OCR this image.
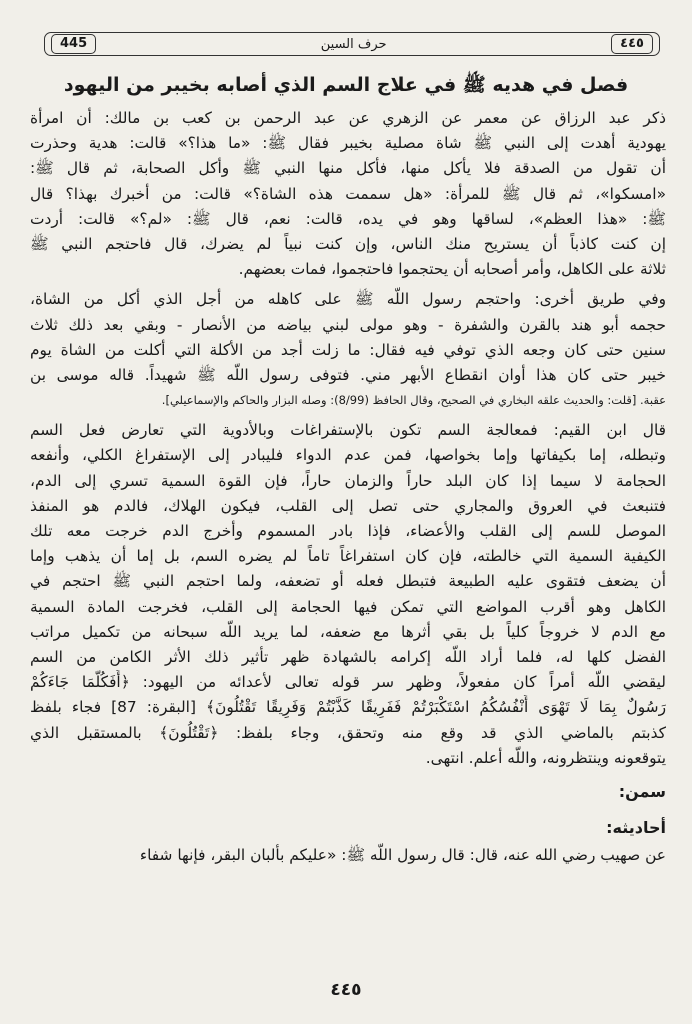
445	حرف السين	٤٤٥
فصل في هديه ﷺ في علاج السم الذي أصابه بخيبر من اليهود
ذكر عبد الرزاق عن معمر عن الزهري عن عبد الرحمن بن كعب بن مالك: أن امرأة
يهودية أهدت إلى النبي ﷺ شاة مصلية بخيبر فقال ﷺ: «ما هذا؟» قالت: هدية وحذرت
أن تقول من الصدقة فلا يأكل منها، فأكل منها النبي ﷺ وأكل الصحابة، ثم قال ﷺ:
«امسكوا»، ثم قال ﷺ للمرأة: «هل سممت هذه الشاة؟» قالت: من أخبرك بهذا؟ قال
ﷺ: «هذا العظم»، لساقها وهو في يده، قالت: نعم، قال ﷺ: «لم؟» قالت: أردت
إن كنت كاذباً أن يستريح منك الناس، وإن كنت نبياً لم يضرك، قال فاحتجم النبي ﷺ
ثلاثة على الكاهل، وأمر أصحابه أن يحتجموا فاحتجموا، فمات بعضهم.
وفي طريق أخرى: واحتجم رسول اللَّه ﷺ على كاهله من أجل الذي أكل من الشاة،
حجمه أبو هند بالقرن والشفرة - وهو مولى لبني بياضه من الأنصار - وبقي بعد ذلك ثلاث
سنين حتى كان وجعه الذي توفي فيه فقال: ما زلت أجد من الأكلة التي أكلت من الشاة يوم
خيبر حتى كان هذا أوان انقطاع الأبهر مني. فتوفى رسول اللَّه ﷺ شهيداً. قاله موسى بن
عقبة. [قلت: والحديث علقه البخاري في الصحيح، وقال الحافظ (8/99): وصله البزار والحاكم والإسماعيلي].
قال ابن القيم: فمعالجة السم تكون بالإستفراغات وبالأدوية التي تعارض فعل السم
وتبطله، إما بكيفاتها وإما بخواصها، فمن عدم الدواء فليبادر إلى الإستفراغ الكلي، وأنفعه
الحجامة لا سيما إذا كان البلد حاراً والزمان حاراً، فإن القوة السمية تسري إلى الدم،
فتنبعث في العروق والمجاري حتى تصل إلى القلب، فيكون الهلاك، فالدم هو المنفذ
الموصل للسم إلى القلب والأعضاء، فإذا بادر المسموم وأخرج الدم خرجت معه تلك
الكيفية السمية التي خالطته، فإن كان استفراغاً تاماً لم يضره السم، بل إما أن يذهب وإما
أن يضعف فتقوى عليه الطبيعة فتبطل فعله أو تضعفه، ولما احتجم النبي ﷺ احتجم في
الكاهل وهو أقرب المواضع التي تمكن فيها الحجامة إلى القلب، فخرجت المادة السمية
مع الدم لا خروجاً كلياً بل بقي أثرها مع ضعفه، لما يريد اللَّه سبحانه من تكميل مراتب
الفضل كلها له، فلما أراد اللَّه إكرامه بالشهادة ظهر تأثير ذلك الأثر الكامن من السم
ليقضي اللَّه أمراً كان مفعولاً، وظهر سر قوله تعالى لأعدائه من اليهود: ﴿أَفَكُلَّمَا جَاءَكُمْ
رَسُولٌ بِمَا لَا تَهْوَى أَنْفُسُكُمُ اسْتَكْبَرْتُمْ فَفَرِيقًا كَذَّبْتُمْ وَفَرِيقًا تَقْتُلُونَ﴾ [البقرة: 87] فجاء بلفظ
كذبتم بالماضي الذي قد وقع منه وتحقق، وجاء بلفظ: ﴿تَقْتُلُونَ﴾ بالمستقبل الذي
يتوقعونه وينتظرونه، واللَّه أعلم. انتهى.
سمن:
أحاديثه:
عن صهيب رضي الله عنه، قال: قال رسول اللَّه ﷺ: «عليكم بألبان البقر، فإنها شفاء
٤٤٥
